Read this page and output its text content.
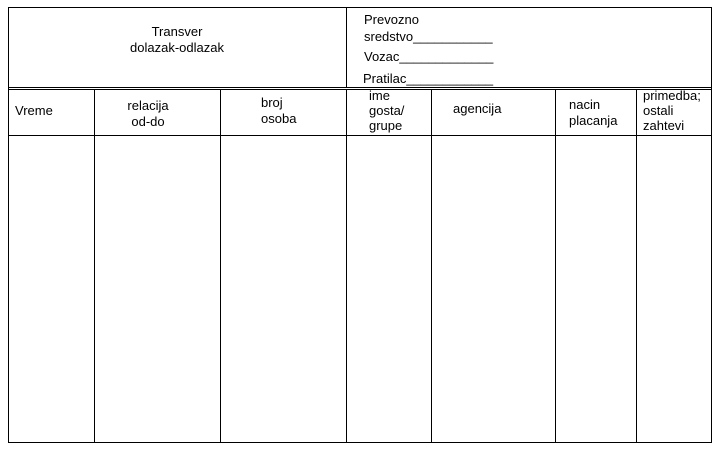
Transver
dolazak-odlazak
Prevozno
sredstvo___________
Vozac_____________
Pratilac____________
Vreme	relacija
od-do
broj
osoba
ime
gosta/
grupe
agencija	nacin
placanja
primedba;
ostali
zahtevi
